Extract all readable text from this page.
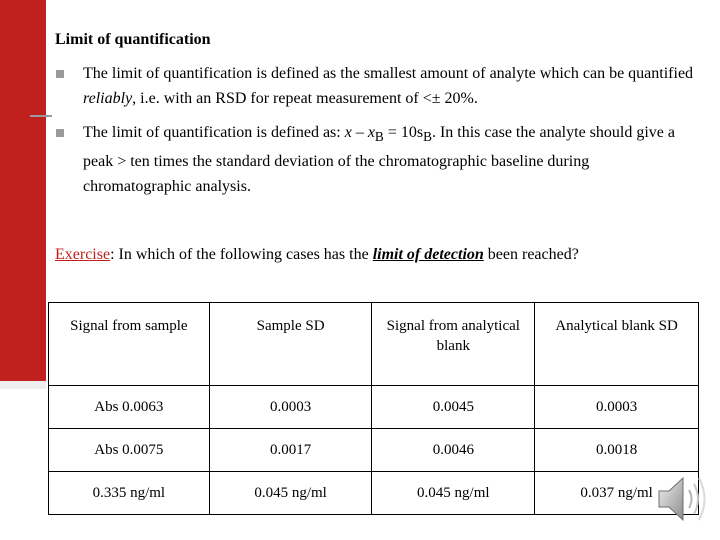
Limit of quantification
The limit of quantification is defined as the smallest amount of analyte which can be quantified reliably, i.e. with an RSD for repeat measurement of <± 20%.
The limit of quantification is defined as: $x - x_B = 10s_B$. In this case the analyte should give a peak > ten times the standard deviation of the chromatographic baseline during chromatographic analysis.
Exercise: In which of the following cases has the limit of detection been reached?
Signal from sample	Sample SD	Signal from analytical blank	Analytical blank SD
Abs 0.0063	0.0003	0.0045	0.0003
Abs 0.0075	0.0017	0.0046	0.0018
0.335 ng/ml	0.045 ng/ml	0.045 ng/ml	0.037 ng/ml
